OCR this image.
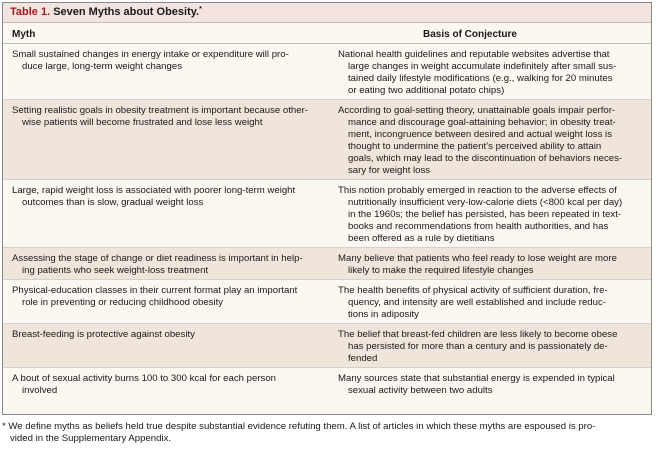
Table 1. Seven Myths about Obesity.*
Myth	Basis of Conjecture
Small sustained changes in energy intake or expenditure will pro-
duce large, long-term weight changes
National health guidelines and reputable websites advertise that
large changes in weight accumulate indefinitely after small sus-
tained daily lifestyle modifications (e.g., walking for 20 minutes
or eating two additional potato chips)
Setting realistic goals in obesity treatment is important because other-
wise patients will become frustrated and lose less weight
According to goal-setting theory, unattainable goals impair perfor-
mance and discourage goal-attaining behavior; in obesity treat-
ment, incongruence between desired and actual weight loss is
thought to undermine the patient’s perceived ability to attain
goals, which may lead to the discontinuation of behaviors neces-
sary for weight loss
Large, rapid weight loss is associated with poorer long-term weight
outcomes than is slow, gradual weight loss
This notion probably emerged in reaction to the adverse effects of
nutritionally insufficient very-low-calorie diets (<800 kcal per day)
in the 1960s; the belief has persisted, has been repeated in text-
books and recommendations from health authorities, and has
been offered as a rule by dietitians
Assessing the stage of change or diet readiness is important in help-
ing patients who seek weight-loss treatment
Many believe that patients who feel ready to lose weight are more
likely to make the required lifestyle changes
Physical-education classes in their current format play an important
role in preventing or reducing childhood obesity
The health benefits of physical activity of sufficient duration, fre-
quency, and intensity are well established and include reduc-
tions in adiposity
Breast-feeding is protective against obesity	The belief that breast-fed children are less likely to become obese
has persisted for more than a century and is passionately de-
fended
A bout of sexual activity burns 100 to 300 kcal for each person
involved
Many sources state that substantial energy is expended in typical
sexual activity between two adults
* We define myths as beliefs held true despite substantial evidence refuting them. A list of articles in which these myths are espoused is pro-
vided in the Supplementary Appendix.
